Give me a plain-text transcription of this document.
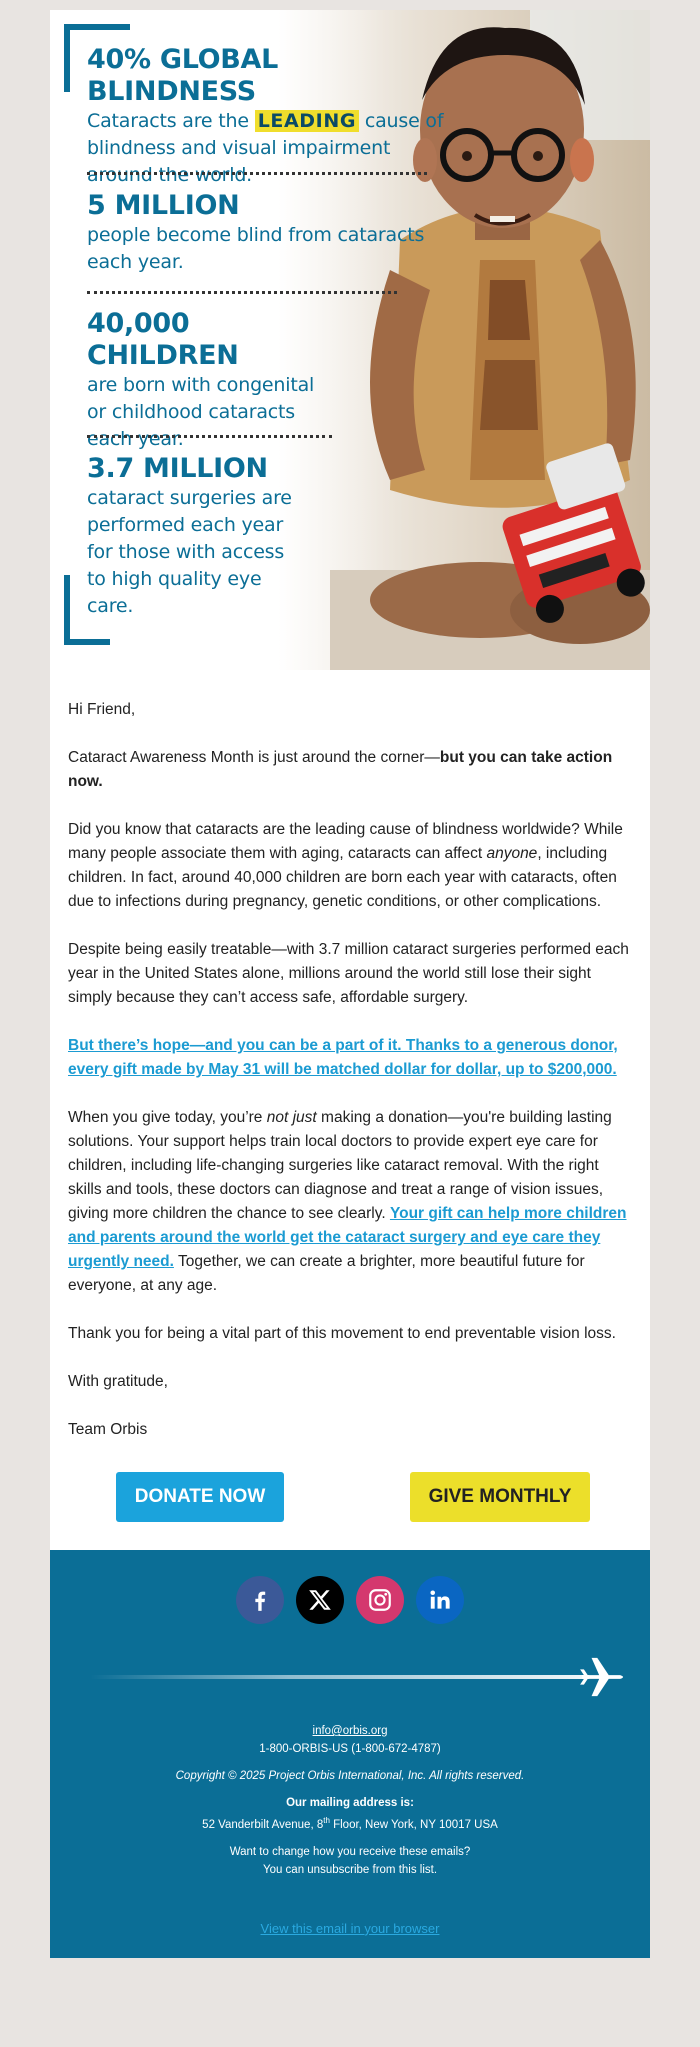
40% GLOBAL BLINDNESS

Cataracts are the LEADING cause of blindness and visual impairment around the world.

5 MILLION

people become blind from cataracts each year.

40,000 CHILDREN

are born with congenital or childhood cataracts each year.

3.7 MILLION

cataract surgeries are performed each year for those with access to high quality eye care.

Hi Friend,

Cataract Awareness Month is just around the corner—but you can take action now.

Did you know that cataracts are the leading cause of blindness worldwide? While many people associate them with aging, cataracts can affect anyone, including children. In fact, around 40,000 children are born each year with cataracts, often due to infections during pregnancy, genetic conditions, or other complications.

Despite being easily treatable—with 3.7 million cataract surgeries performed each year in the United States alone, millions around the world still lose their sight simply because they can’t access safe, affordable surgery.

But there’s hope—and you can be a part of it. Thanks to a generous donor, every gift made by May 31 will be matched dollar for dollar, up to $200,000.

When you give today, you’re not just making a donation—you're building lasting solutions. Your support helps train local doctors to provide expert eye care for children, including life-changing surgeries like cataract removal. With the right skills and tools, these doctors can diagnose and treat a range of vision issues, giving more children the chance to see clearly. Your gift can help more children and parents around the world get the cataract surgery and eye care they urgently need. Together, we can create a brighter, more beautiful future for everyone, at any age.

Thank you for being a vital part of this movement to end preventable vision loss.

With gratitude,

Team Orbis

DONATE NOW	GIVE MONTHLY
info@orbis.org
1-800-ORBIS-US (1-800-672-4787)
Copyright © 2025 Project Orbis International, Inc. All rights reserved.
Our mailing address is:
52 Vanderbilt Avenue, 8th Floor, New York, NY 10017 USA
Want to change how you receive these emails?
You can unsubscribe from this list.
View this email in your browser
